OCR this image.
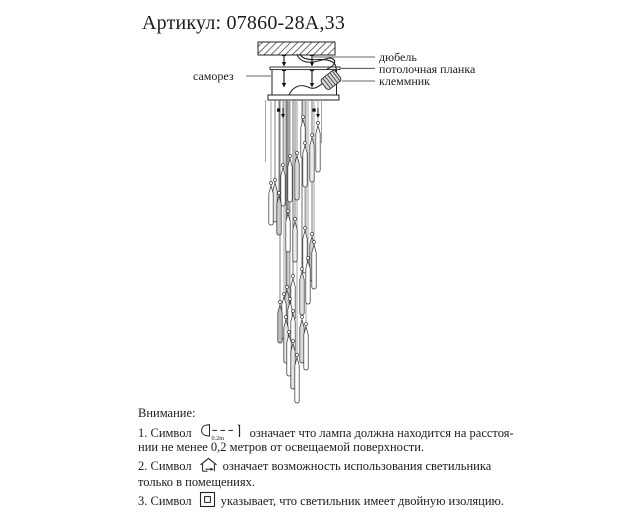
Артикул: 07860-28A,33
саморез
дюбель
потолочная планка
клеммник
Внимание:
1. Символ	0.2m означает что лампа должна находится на расстоя-
нии не менее 0,2 метров от освещаемой поверхности.
2. Символ означает возможность использования светильника
только в помещениях.
3. Символ указывает, что светильник имеет двойную изоляцию.
